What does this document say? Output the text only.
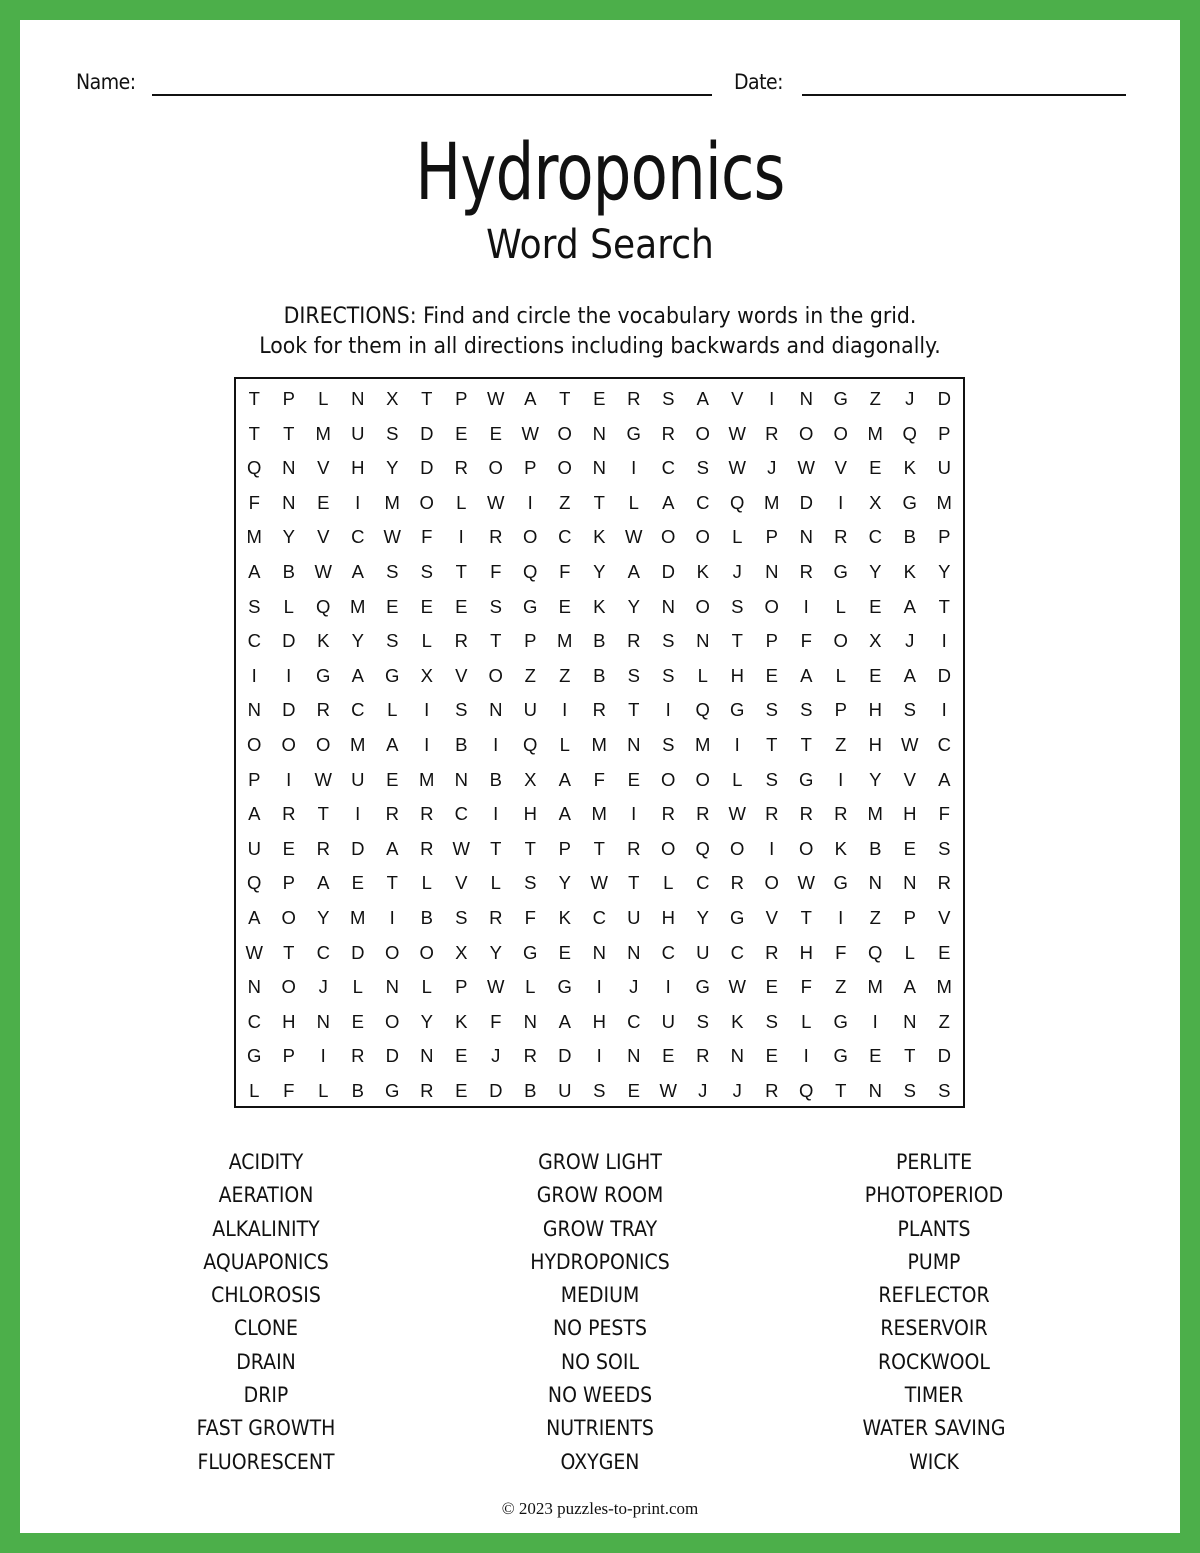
Name:	Date:
Hydroponics
Word Search
DIRECTIONS: Find and circle the vocabulary words in the grid.
Look for them in all directions including backwards and diagonally.
T	P	L	N	X	T	P	W	A	T	E	R	S	A	V	I	N	G	Z	J	D
T	T	M	U	S	D	E	E	W	O	N	G	R	O	W	R	O	O	M	Q	P
Q	N	V	H	Y	D	R	O	P	O	N	I	C	S	W	J	W	V	E	K	U
F	N	E	I	M	O	L	W	I	Z	T	L	A	C	Q	M	D	I	X	G	M
M	Y	V	C	W	F	I	R	O	C	K	W	O	O	L	P	N	R	C	B	P
A	B	W	A	S	S	T	F	Q	F	Y	A	D	K	J	N	R	G	Y	K	Y
S	L	Q	M	E	E	E	S	G	E	K	Y	N	O	S	O	I	L	E	A	T
C	D	K	Y	S	L	R	T	P	M	B	R	S	N	T	P	F	O	X	J	I
I	I	G	A	G	X	V	O	Z	Z	B	S	S	L	H	E	A	L	E	A	D
N	D	R	C	L	I	S	N	U	I	R	T	I	Q	G	S	S	P	H	S	I
O	O	O	M	A	I	B	I	Q	L	M	N	S	M	I	T	T	Z	H	W	C
P	I	W	U	E	M	N	B	X	A	F	E	O	O	L	S	G	I	Y	V	A
A	R	T	I	R	R	C	I	H	A	M	I	R	R	W	R	R	R	M	H	F
U	E	R	D	A	R	W	T	T	P	T	R	O	Q	O	I	O	K	B	E	S
Q	P	A	E	T	L	V	L	S	Y	W	T	L	C	R	O	W	G	N	N	R
A	O	Y	M	I	B	S	R	F	K	C	U	H	Y	G	V	T	I	Z	P	V
W	T	C	D	O	O	X	Y	G	E	N	N	C	U	C	R	H	F	Q	L	E
N	O	J	L	N	L	P	W	L	G	I	J	I	G	W	E	F	Z	M	A	M
C	H	N	E	O	Y	K	F	N	A	H	C	U	S	K	S	L	G	I	N	Z
G	P	I	R	D	N	E	J	R	D	I	N	E	R	N	E	I	G	E	T	D
L	F	L	B	G	R	E	D	B	U	S	E	W	J	J	R	Q	T	N	S	S
ACIDITY
AERATION
ALKALINITY
AQUAPONICS
CHLOROSIS
CLONE
DRAIN
DRIP
FAST GROWTH
FLUORESCENT
GROW LIGHT
GROW ROOM
GROW TRAY
HYDROPONICS
MEDIUM
NO PESTS
NO SOIL
NO WEEDS
NUTRIENTS
OXYGEN
PERLITE
PHOTOPERIOD
PLANTS
PUMP
REFLECTOR
RESERVOIR
ROCKWOOL
TIMER
WATER SAVING
WICK
© 2023 puzzles-to-print.com
